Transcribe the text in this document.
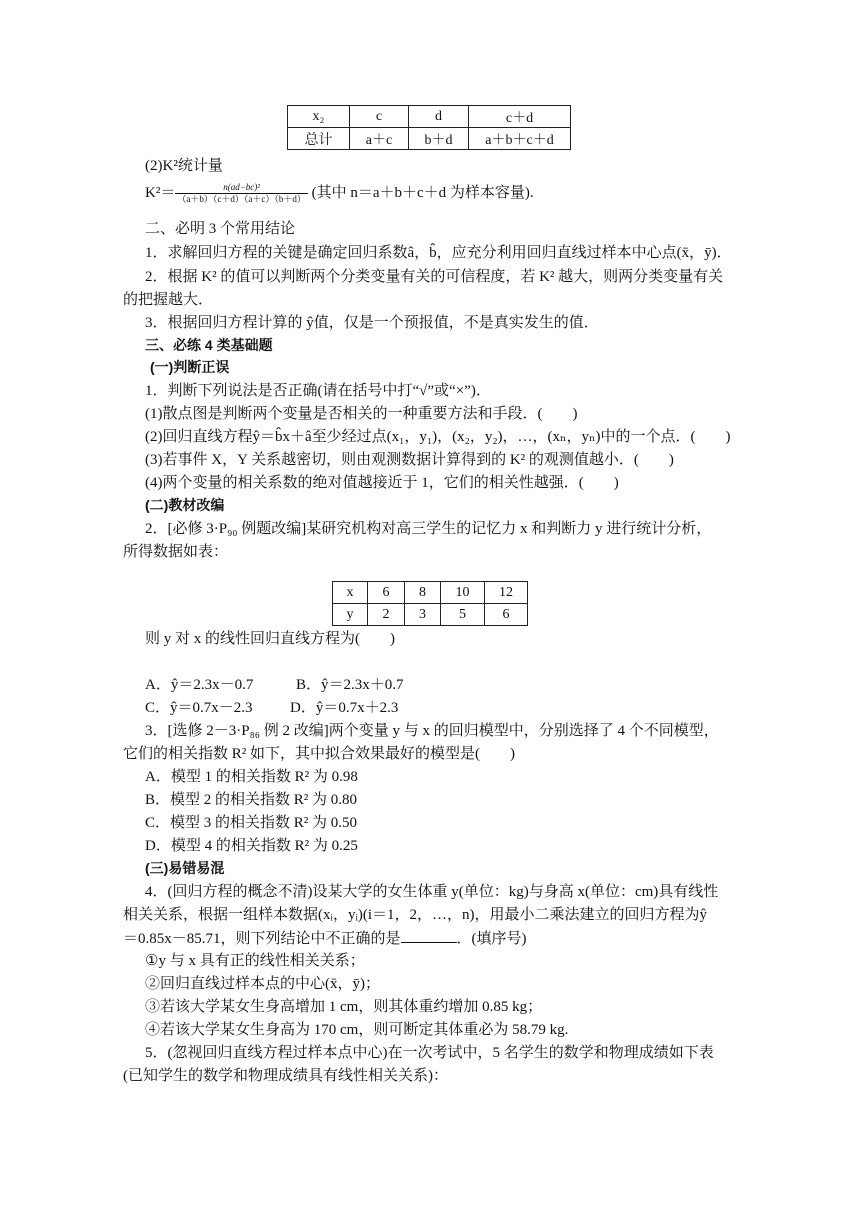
x₂	c	d	c＋d
总计	a＋c	b＋d	a＋b＋c＋d
(2)K²统计量
$K^2= \frac{\text{n(ad−bc)²}}{(a+b)(c+d)(a+c)(b+d)}$ (其中 n＝a＋b＋c＋d 为样本容量).
二、必明 3 个常用结论
1．求解回归方程的关键是确定回归系数â，b̂，应充分利用回归直线过样本中心点(x̄，ȳ)．
2．根据 K² 的值可以判断两个分类变量有关的可信程度，若 K² 越大，则两分类变量有关
的把握越大．
3．根据回归方程计算的 ŷ值，仅是一个预报值，不是真实发生的值．
三、必练 4 类基础题
(一)判断正误
1．判断下列说法是否正确(请在括号中打“√”或“×”)．
(1)散点图是判断两个变量是否相关的一种重要方法和手段．(　　)
(2)回归直线方程ŷ＝b̂x＋â至少经过点(x₁，y₁)，(x₂，y₂)，…，(xₙ，yₙ)中的一个点．(　　)
(3)若事件 X，Y 关系越密切，则由观测数据计算得到的 K² 的观测值越小．(　　)
(4)两个变量的相关系数的绝对值越接近于 1，它们的相关性越强．(　　)
(二)教材改编
2．[必修 3·P₉₀ 例题改编]某研究机构对高三学生的记忆力 x 和判断力 y 进行统计分析，
所得数据如表：
x	6	8	10	12
y	2	3	5	6
则 y 对 x 的线性回归直线方程为(　　)
A．ŷ＝2.3x－0.7	B．ŷ＝2.3x＋0.7
C．ŷ＝0.7x－2.3 D．ŷ＝0.7x＋2.3
3．[选修 2－3·P₈₆ 例 2 改编]两个变量 y 与 x 的回归模型中，分别选择了 4 个不同模型，
它们的相关指数 R² 如下，其中拟合效果最好的模型是(　　)
A．模型 1 的相关指数 R² 为 0.98
B．模型 2 的相关指数 R² 为 0.80
C．模型 3 的相关指数 R² 为 0.50
D．模型 4 的相关指数 R² 为 0.25
(三)易错易混
4．(回归方程的概念不清)设某大学的女生体重 y(单位：kg)与身高 x(单位：cm)具有线性
相关关系，根据一组样本数据(xᵢ，yᵢ)(i＝1，2，…，n)，用最小二乘法建立的回归方程为ŷ
＝0.85x－85.71，则下列结论中不正确的是	．(填序号)
①y 与 x 具有正的线性相关关系；
②回归直线过样本点的中心(x̄，ȳ)；
③若该大学某女生身高增加 1 cm，则其体重约增加 0.85 kg；
④若该大学某女生身高为 170 cm，则可断定其体重必为 58.79 kg.
5．(忽视回归直线方程过样本点中心)在一次考试中，5 名学生的数学和物理成绩如下表
(已知学生的数学和物理成绩具有线性相关关系)：
